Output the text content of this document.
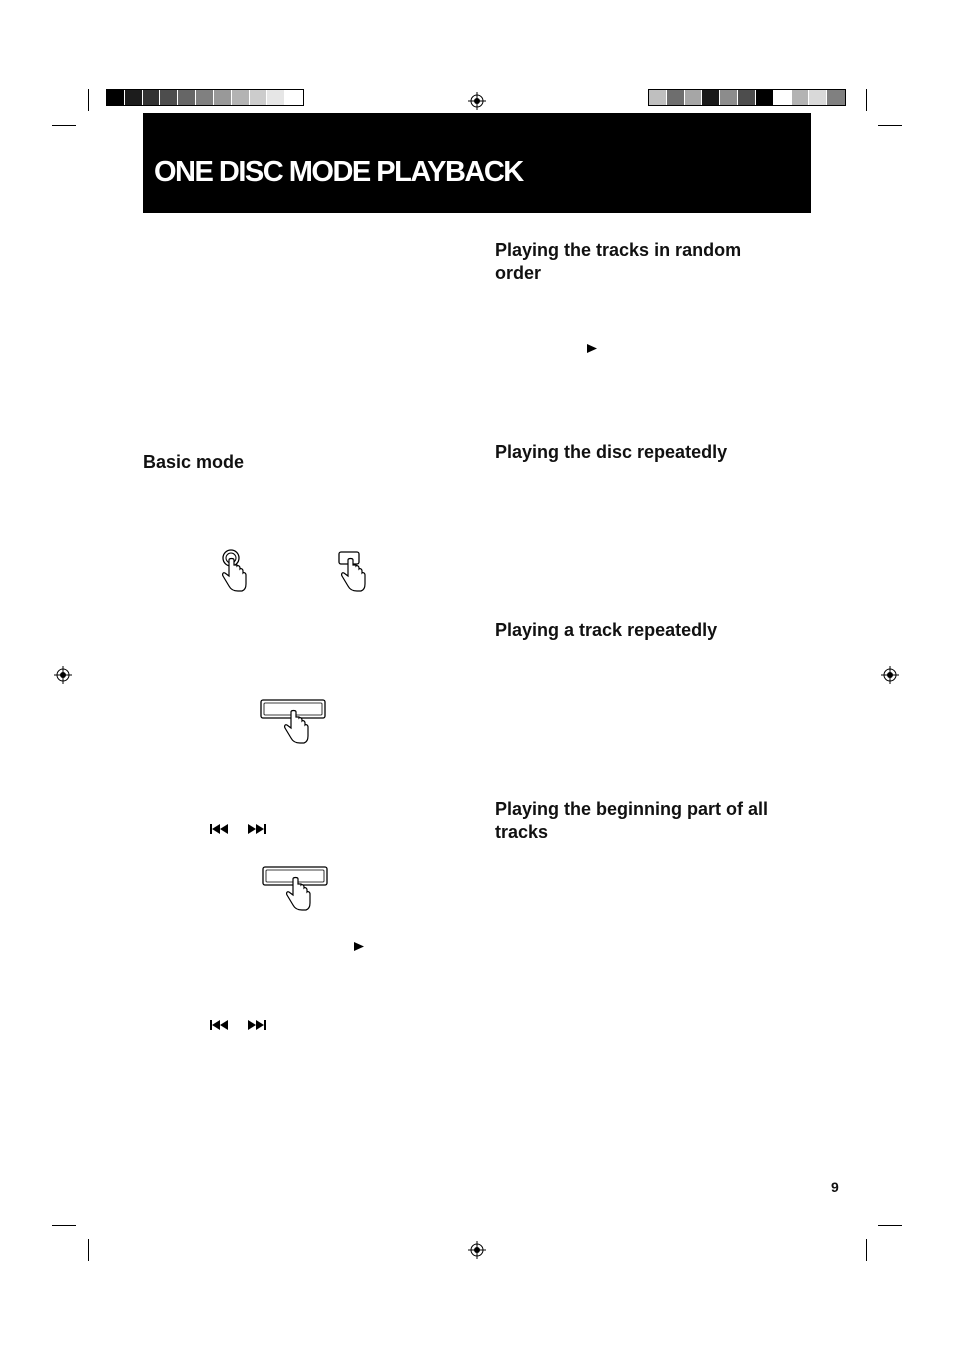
ONE DISC MODE PLAYBACK
Basic mode
Playing the tracks in random order
Playing the disc repeatedly
Playing a track repeatedly
Playing the beginning part of all tracks
9
